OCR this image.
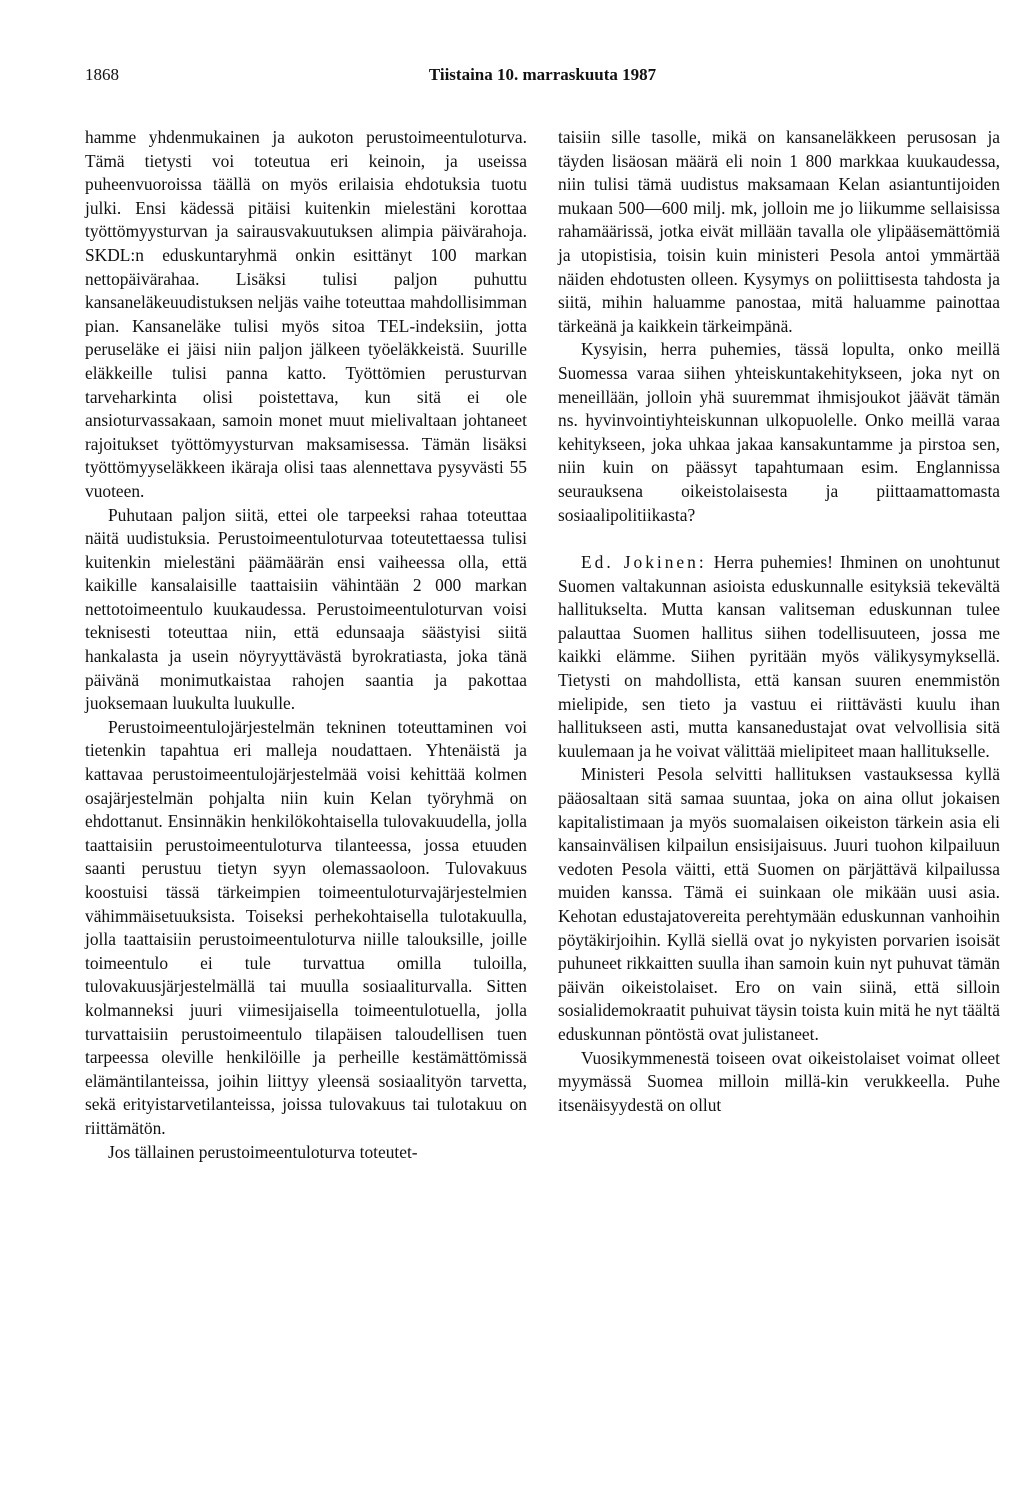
1868	Tiistaina 10. marraskuuta 1987

hamme yhdenmukainen ja aukoton perustoimeentuloturva. Tämä tietysti voi toteutua eri keinoin, ja useissa puheenvuoroissa täällä on myös erilaisia ehdotuksia tuotu julki. Ensi kädessä pitäisi kuitenkin mielestäni korottaa työttömyysturvan ja sairausvakuutuksen alimpia päivärahoja. SKDL:n eduskuntaryhmä onkin esittänyt 100 markan nettopäivärahaa. Lisäksi tulisi paljon puhuttu kansaneläkeuudistuksen neljäs vaihe toteuttaa mahdollisimman pian. Kansaneläke tulisi myös sitoa TEL-indeksiin, jotta peruseläke ei jäisi niin paljon jälkeen työeläkkeistä. Suurille eläkkeille tulisi panna katto. Työttömien perusturvan tarveharkinta olisi poistettava, kun sitä ei ole ansioturvassakaan, samoin monet muut mielivaltaan johtaneet rajoitukset työttömyysturvan maksamisessa. Tämän lisäksi työttömyyseläkkeen ikäraja olisi taas alennettava pysyvästi 55 vuoteen.

Puhutaan paljon siitä, ettei ole tarpeeksi rahaa toteuttaa näitä uudistuksia. Perustoimeentuloturvaa toteutettaessa tulisi kuitenkin mielestäni päämäärän ensi vaiheessa olla, että kaikille kansalaisille taattaisiin vähintään 2 000 markan nettotoimeentulo kuukaudessa. Perustoimeentuloturvan voisi teknisesti toteuttaa niin, että edunsaaja säästyisi siitä hankalasta ja usein nöyryyttävästä byrokratiasta, joka tänä päivänä monimutkaistaa rahojen saantia ja pakottaa juoksemaan luukulta luukulle.

Perustoimeentulojärjestelmän tekninen toteuttaminen voi tietenkin tapahtua eri malleja noudattaen. Yhtenäistä ja kattavaa perustoimeentulojärjestelmää voisi kehittää kolmen osajärjestelmän pohjalta niin kuin Kelan työryhmä on ehdottanut. Ensinnäkin henkilökohtaisella tulovakuudella, jolla taattaisiin perustoimeentuloturva tilanteessa, jossa etuuden saanti perustuu tietyn syyn olemassaoloon. Tulovakuus koostuisi tässä tärkeimpien toimeentuloturvajärjestelmien vähimmäisetuuksista. Toiseksi perhekohtaisella tulotakuulla, jolla taattaisiin perustoimeentuloturva niille talouksille, joille toimeentulo ei tule turvattua omilla tuloilla, tulovakuusjärjestelmällä tai muulla sosiaaliturvalla. Sitten kolmanneksi juuri viimesijaisella toimeentulotuella, jolla turvattaisiin perustoimeentulo tilapäisen taloudellisen tuen tarpeessa oleville henkilöille ja perheille kestämättömissä elämäntilanteissa, joihin liittyy yleensä sosiaalityön tarvetta, sekä erityistarvetilanteissa, joissa tulovakuus tai tulotakuu on riittämätön.

Jos tällainen perustoimeentuloturva toteutet-

taisiin sille tasolle, mikä on kansaneläkkeen perusosan ja täyden lisäosan määrä eli noin 1 800 markkaa kuukaudessa, niin tulisi tämä uudistus maksamaan Kelan asiantuntijoiden mukaan 500—600 milj. mk, jolloin me jo liikumme sellaisissa rahamäärissä, jotka eivät millään tavalla ole ylipääsemättömiä ja utopistisia, toisin kuin ministeri Pesola antoi ymmärtää näiden ehdotusten olleen. Kysymys on poliittisesta tahdosta ja siitä, mihin haluamme panostaa, mitä haluamme painottaa tärkeänä ja kaikkein tärkeimpänä.

Kysyisin, herra puhemies, tässä lopulta, onko meillä Suomessa varaa siihen yhteiskuntakehitykseen, joka nyt on meneillään, jolloin yhä suuremmat ihmisjoukot jäävät tämän ns. hyvinvointiyhteiskunnan ulkopuolelle. Onko meillä varaa kehitykseen, joka uhkaa jakaa kansakuntamme ja pirstoa sen, niin kuin on päässyt tapahtumaan esim. Englannissa seurauksena oikeistolaisesta ja piittaamattomasta sosiaalipolitiikasta?

Ed. Jokinen: Herra puhemies! Ihminen on unohtunut Suomen valtakunnan asioista eduskunnalle esityksiä tekevältä hallitukselta. Mutta kansan valitseman eduskunnan tulee palauttaa Suomen hallitus siihen todellisuuteen, jossa me kaikki elämme. Siihen pyritään myös välikysymyksellä. Tietysti on mahdollista, että kansan suuren enemmistön mielipide, sen tieto ja vastuu ei riittävästi kuulu ihan hallitukseen asti, mutta kansanedustajat ovat velvollisia sitä kuulemaan ja he voivat välittää mielipiteet maan hallitukselle.

Ministeri Pesola selvitti hallituksen vastauksessa kyllä pääosaltaan sitä samaa suuntaa, joka on aina ollut jokaisen kapitalistimaan ja myös suomalaisen oikeiston tärkein asia eli kansainvälisen kilpailun ensisijaisuus. Juuri tuohon kilpailuun vedoten Pesola väitti, että Suomen on pärjättävä kilpailussa muiden kanssa. Tämä ei suinkaan ole mikään uusi asia. Kehotan edustajatovereita perehtymään eduskunnan vanhoihin pöytäkirjoihin. Kyllä siellä ovat jo nykyisten porvarien isoisät puhuneet rikkaitten suulla ihan samoin kuin nyt puhuvat tämän päivän oikeistolaiset. Ero on vain siinä, että silloin sosialidemokraatit puhuivat täysin toista kuin mitä he nyt täältä eduskunnan pöntöstä ovat julistaneet.

Vuosikymmenestä toiseen ovat oikeistolaiset voimat olleet myymässä Suomea milloin millä-kin verukkeella. Puhe itsenäisyydestä on ollut
